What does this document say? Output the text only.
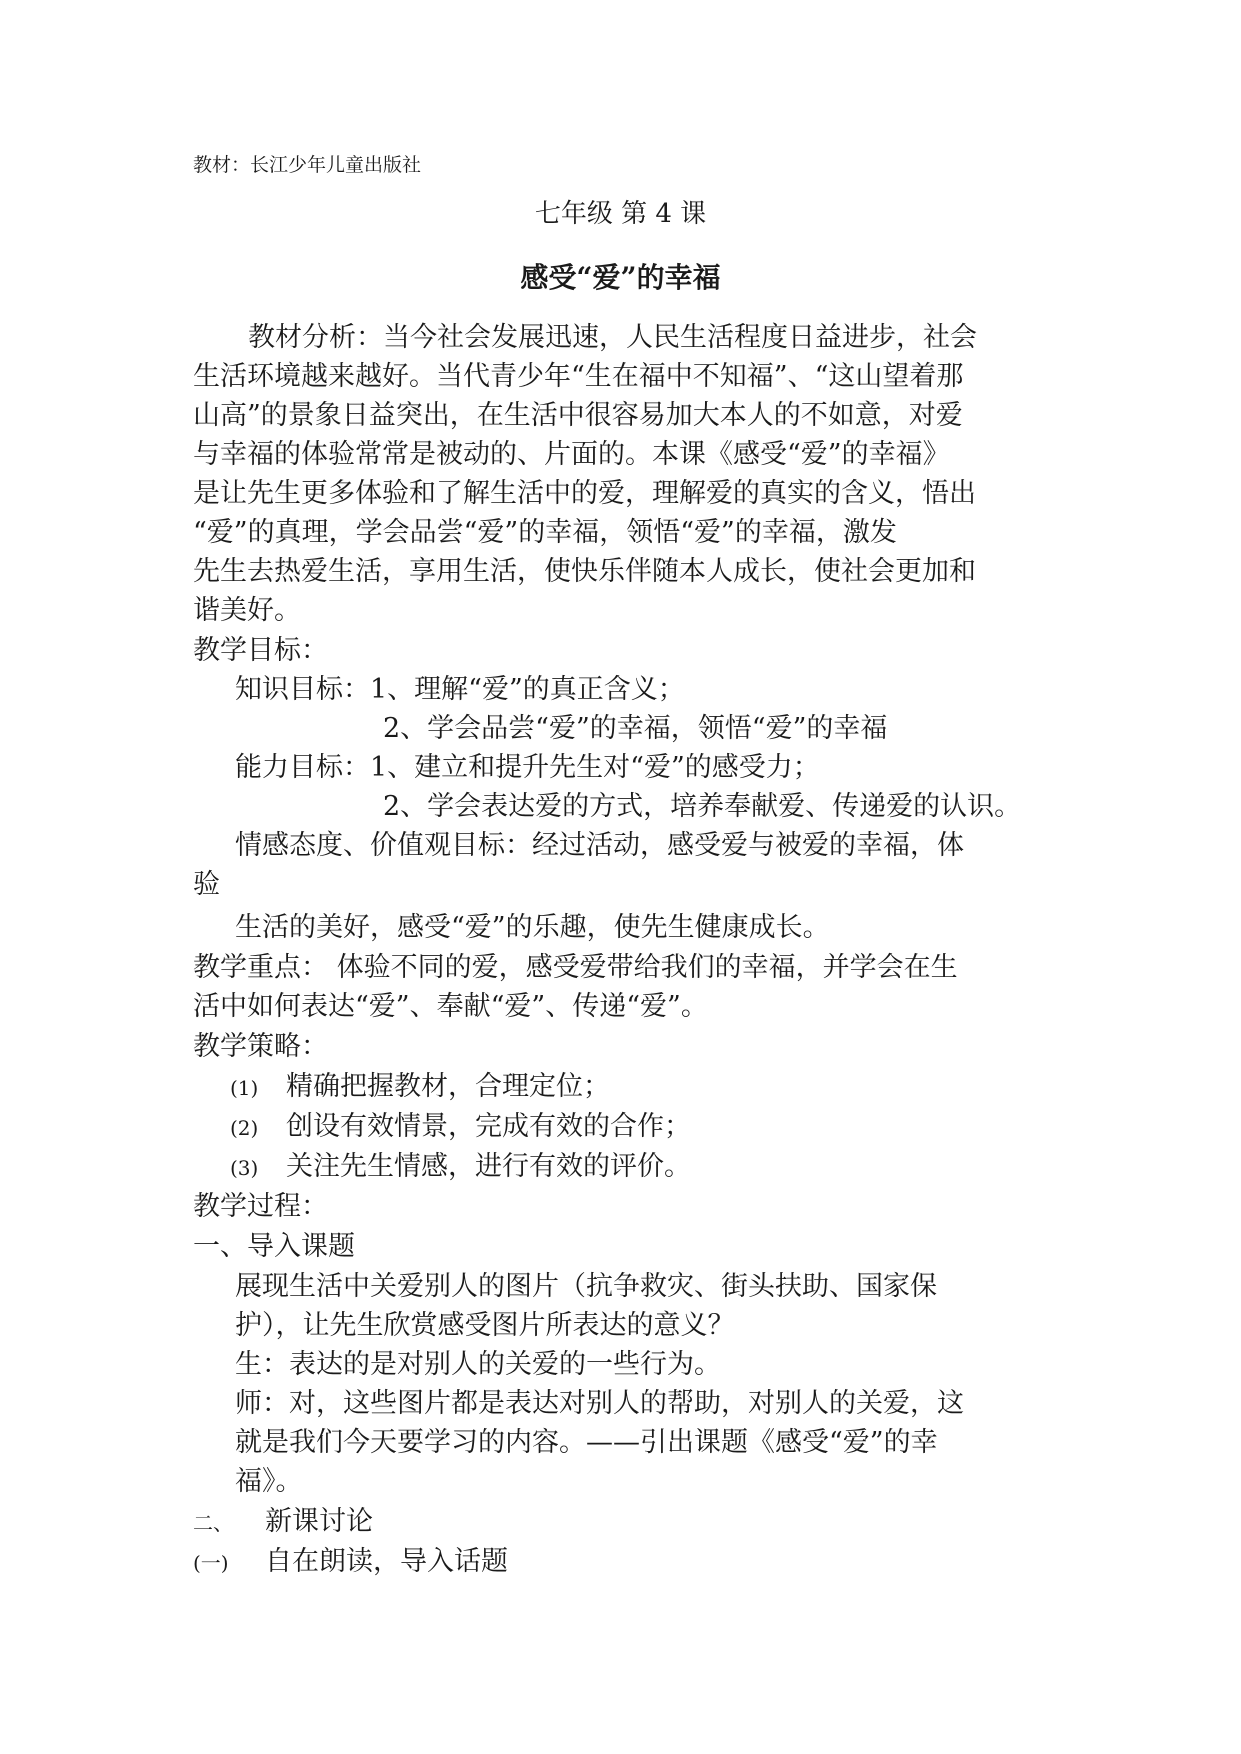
教材：长江少年儿童出版社
七年级 第 4 课
感受“爱”的幸福
教材分析：当今社会发展迅速，人民生活程度日益进步，社会
生活环境越来越好。当代青少年“生在福中不知福”、“这山望着那
山高”的景象日益突出，在生活中很容易加大本人的不如意，对爱
与幸福的体验常常是被动的、片面的。本课《感受“爱”的幸福》
是让先生更多体验和了解生活中的爱，理解爱的真实的含义，悟出
“爱”的真理，学会品尝“爱”的幸福，领悟“爱”的幸福，激发
先生去热爱生活，享用生活，使快乐伴随本人成长，使社会更加和
谐美好。
教学目标：
知识目标：1、理解“爱”的真正含义；
2、学会品尝“爱”的幸福，领悟“爱”的幸福
能力目标：1、建立和提升先生对“爱”的感受力；
2、学会表达爱的方式，培养奉献爱、传递爱的认识。
情感态度、价值观目标：经过活动，感受爱与被爱的幸福，体
验
生活的美好，感受“爱”的乐趣，使先生健康成长。
教学重点： 体验不同的爱，感受爱带给我们的幸福，并学会在生
活中如何表达“爱”、奉献“爱”、传递“爱”。
教学策略：
(1) 精确把握教材，合理定位；
(2) 创设有效情景，完成有效的合作；
(3) 关注先生情感，进行有效的评价。
教学过程：
一、导入课题
展现生活中关爱别人的图片（抗争救灾、街头扶助、国家保
护），让先生欣赏感受图片所表达的意义？
生：表达的是对别人的关爱的一些行为。
师：对，这些图片都是表达对别人的帮助，对别人的关爱，这
就是我们今天要学习的内容。——引出课题《感受“爱”的幸
福》。
二、 新课讨论
(一) 自在朗读，导入话题
